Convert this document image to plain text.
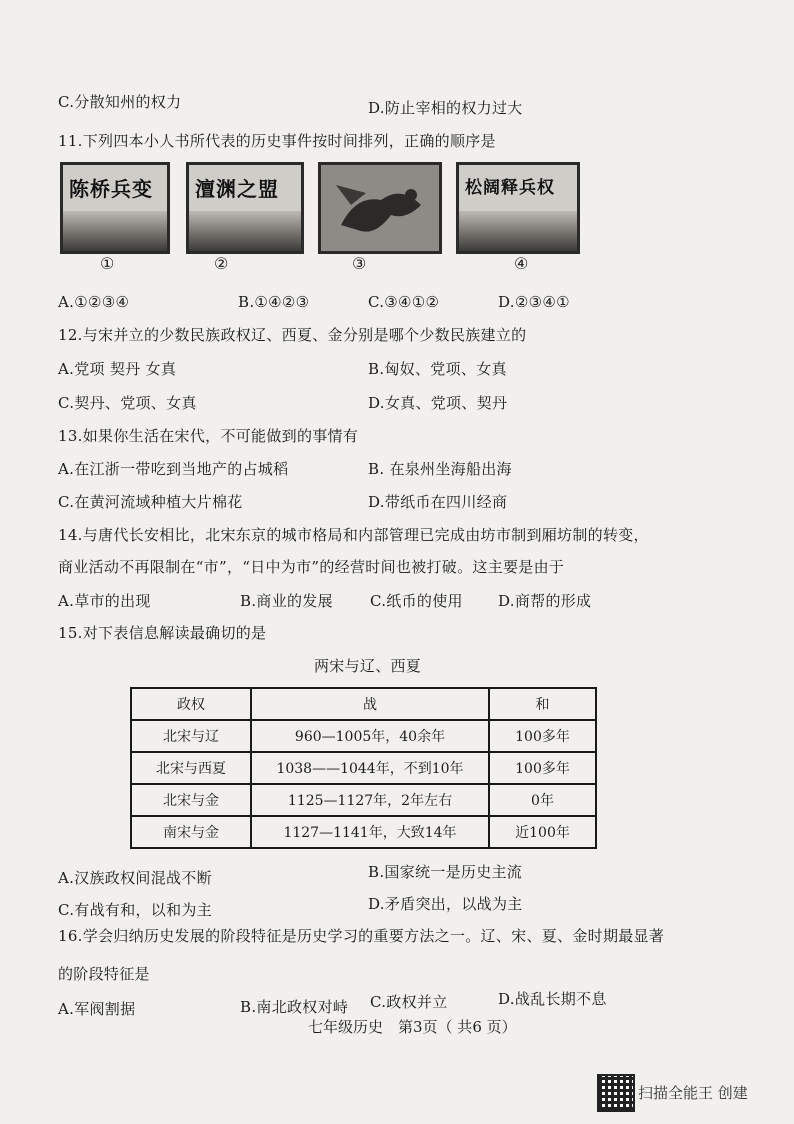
C.分散知州的权力	D.防止宰相的权力过大
11.下列四本小人书所代表的历史事件按时间排列，正确的顺序是
陈桥兵变 澶渊之盟	松阔释兵权
①	②	③	④
A.①②③④	B.①④②③	C.③④①②	D.②③④①
12.与宋并立的少数民族政权辽、西夏、金分别是哪个少数民族建立的
A.党项 契丹 女真	B.匈奴、党项、女真
C.契丹、党项、女真	D.女真、党项、契丹
13.如果你生活在宋代，不可能做到的事情有
A.在江浙一带吃到当地产的占城稻	B. 在泉州坐海船出海
C.在黄河流域种植大片棉花	D.带纸币在四川经商
14.与唐代长安相比，北宋东京的城市格局和内部管理已完成由坊市制到厢坊制的转变，
商业活动不再限制在“市”，“日中为市”的经营时间也被打破。这主要是由于
A.草市的出现	B.商业的发展 C.纸币的使用 D.商帮的形成
15.对下表信息解读最确切的是
两宋与辽、西夏
政权	战	和
北宋与辽	960—1005年，40余年	100多年
北宋与西夏	1038——1044年，不到10年	100多年
北宋与金	1125—1127年，2年左右	0年
南宋与金	1127—1141年，大致14年	近100年
A.汉族政权间混战不断	B.国家统一是历史主流
C.有战有和，以和为主	D.矛盾突出，以战为主
16.学会归纳历史发展的阶段特征是历史学习的重要方法之一。辽、宋、夏、金时期最显著
的阶段特征是
A.军阀割据	B.南北政权对峙 C.政权并立	D.战乱长期不息
七年级历史　第3页（ 共6 页）
扫描全能王 创建
